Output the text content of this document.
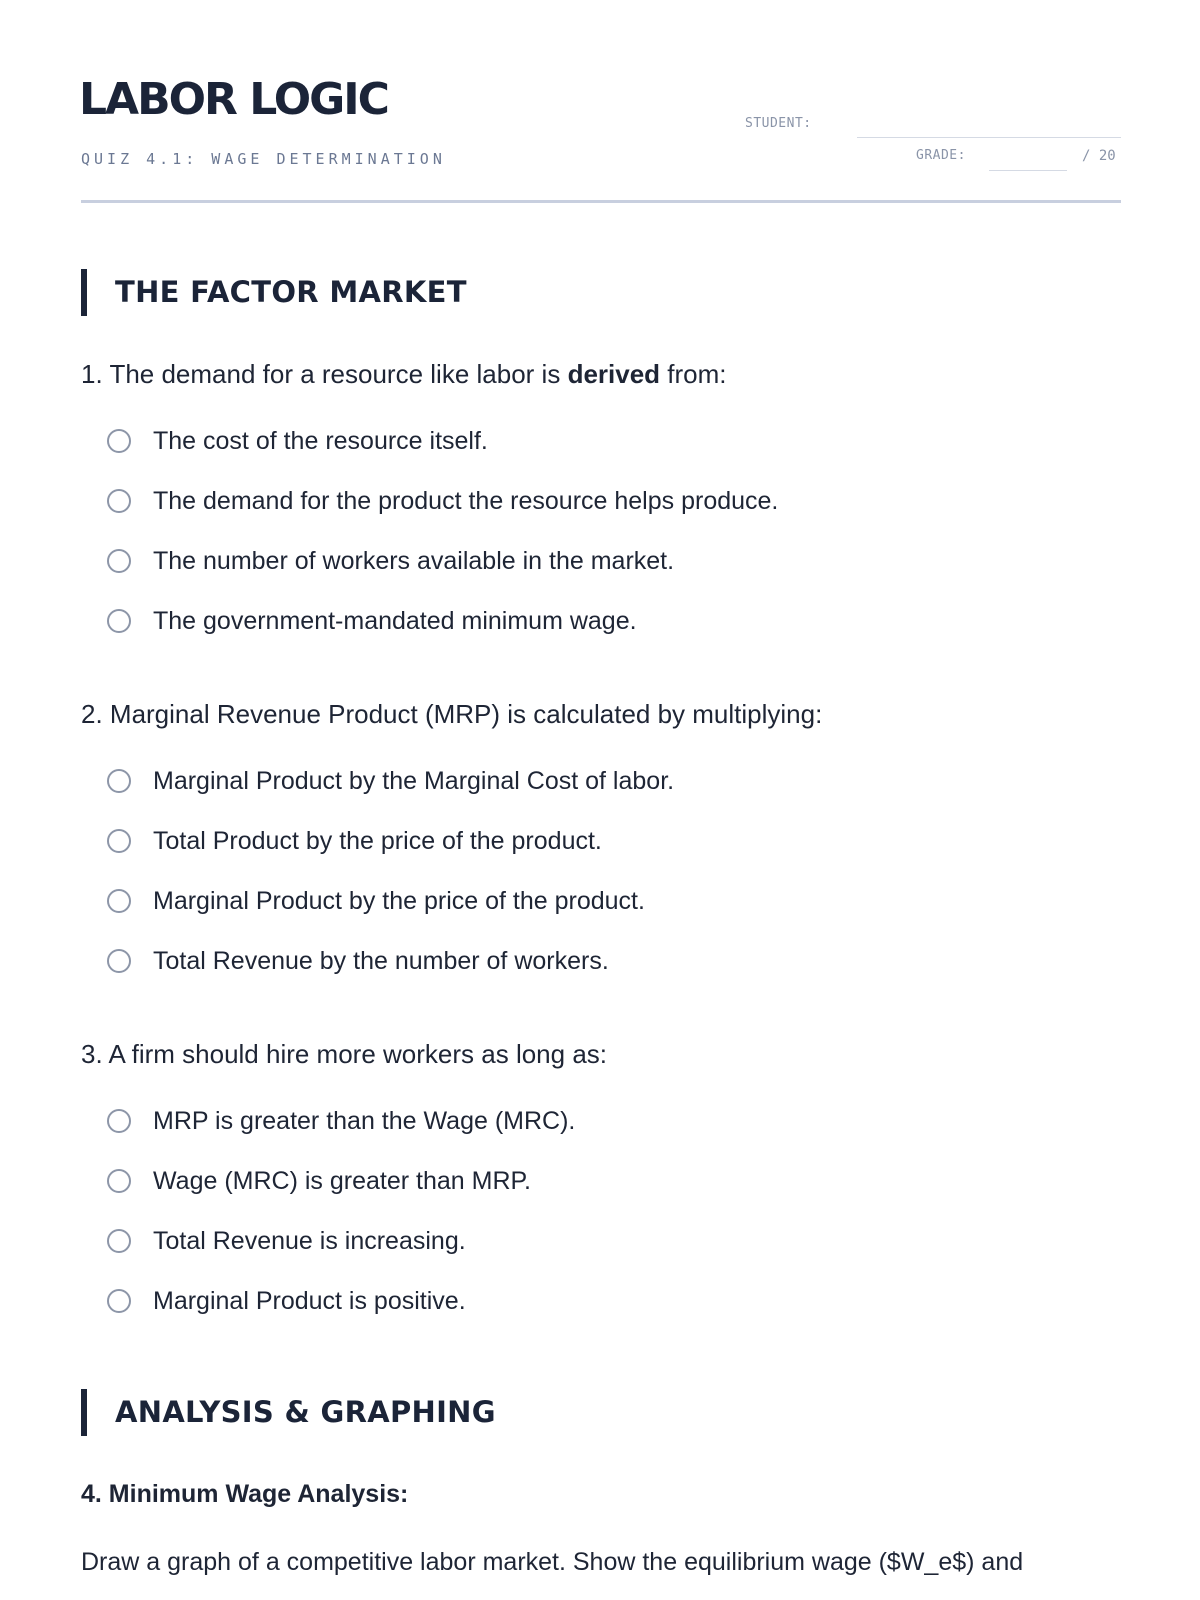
LABOR LOGIC
QUIZ 4.1: WAGE DETERMINATION
STUDENT:
GRADE:	/ 20
THE FACTOR MARKET
1. The demand for a resource like labor is derived from:
The cost of the resource itself.
The demand for the product the resource helps produce.
The number of workers available in the market.
The government-mandated minimum wage.
2. Marginal Revenue Product (MRP) is calculated by multiplying:
Marginal Product by the Marginal Cost of labor.
Total Product by the price of the product.
Marginal Product by the price of the product.
Total Revenue by the number of workers.
3. A firm should hire more workers as long as:
MRP is greater than the Wage (MRC).
Wage (MRC) is greater than MRP.
Total Revenue is increasing.
Marginal Product is positive.
ANALYSIS & GRAPHING
4. Minimum Wage Analysis:
Draw a graph of a competitive labor market. Show the equilibrium wage ($W_e$) and
